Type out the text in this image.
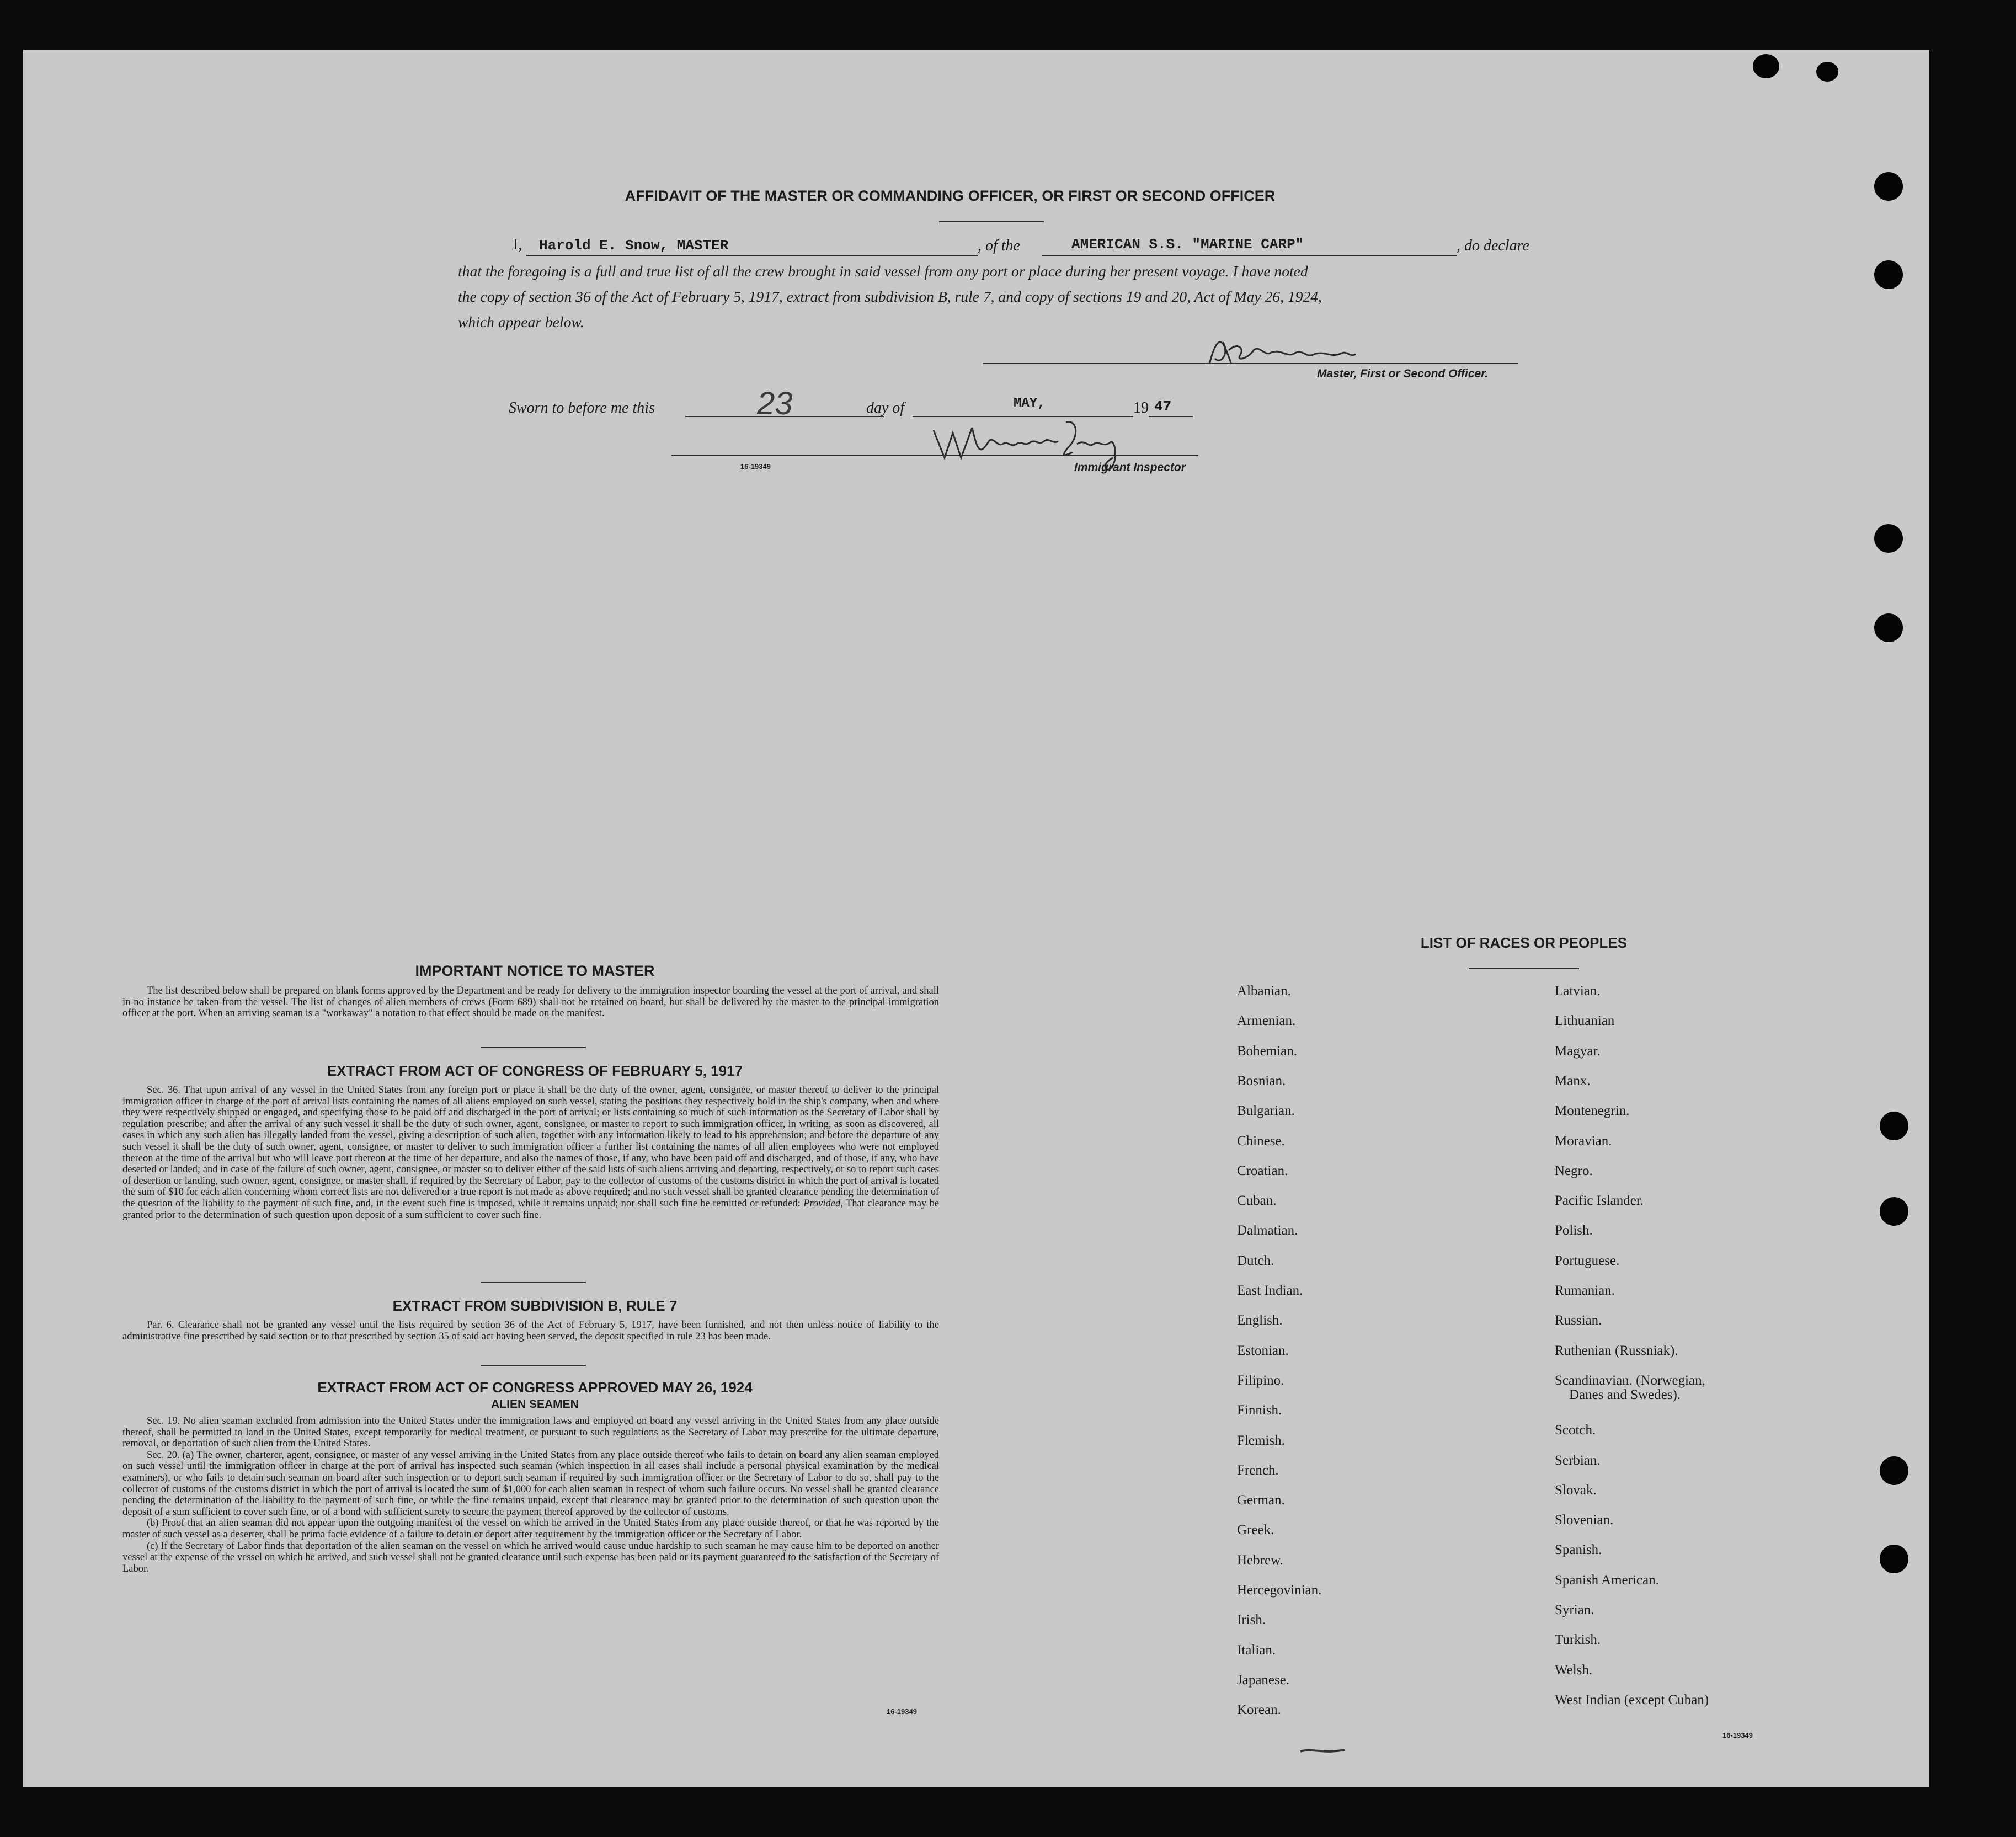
AFFIDAVIT OF THE MASTER OR COMMANDING OFFICER, OR FIRST OR SECOND OFFICER
I, Harold E. Snow, MASTER	, of the	AMERICAN S.S. "MARINE CARP"	, do declare
that the foregoing is a full and true list of all the crew brought in said vessel from any port or place during her present voyage. I have noted
the copy of section 36 of the Act of February 5, 1917, extract from subdivision B, rule 7, and copy of sections 19 and 20, Act of May 26, 1924,
which appear below.
Master, First or Second Officer.
Sworn to before me this	23	day of	MAY,	19 47
16-19349	Immigrant Inspector
IMPORTANT NOTICE TO MASTER

The list described below shall be prepared on blank forms approved by the Department and be ready for delivery to the immigration inspector boarding the vessel at the port of arrival, and shall in no instance be taken from the vessel. The list of changes of alien members of crews (Form 689) shall not be retained on board, but shall be delivered by the master to the principal immigration officer at the port. When an arriving seaman is a "workaway" a notation to that effect should be made on the manifest.

EXTRACT FROM ACT OF CONGRESS OF FEBRUARY 5, 1917

Sec. 36. That upon arrival of any vessel in the United States from any foreign port or place it shall be the duty of the owner, agent, consignee, or master thereof to deliver to the principal immigration officer in charge of the port of arrival lists containing the names of all aliens employed on such vessel, stating the positions they respectively hold in the ship's company, when and where they were respectively shipped or engaged, and specifying those to be paid off and discharged in the port of arrival; or lists containing so much of such information as the Secretary of Labor shall by regulation prescribe; and after the arrival of any such vessel it shall be the duty of such owner, agent, consignee, or master to report to such immigration officer, in writing, as soon as discovered, all cases in which any such alien has illegally landed from the vessel, giving a description of such alien, together with any information likely to lead to his apprehension; and before the departure of any such vessel it shall be the duty of such owner, agent, consignee, or master to deliver to such immigration officer a further list containing the names of all alien employees who were not employed thereon at the time of the arrival but who will leave port thereon at the time of her departure, and also the names of those, if any, who have been paid off and discharged, and of those, if any, who have deserted or landed; and in case of the failure of such owner, agent, consignee, or master so to deliver either of the said lists of such aliens arriving and departing, respectively, or so to report such cases of desertion or landing, such owner, agent, consignee, or master shall, if required by the Secretary of Labor, pay to the collector of customs of the customs district in which the port of arrival is located the sum of $10 for each alien concerning whom correct lists are not delivered or a true report is not made as above required; and no such vessel shall be granted clearance pending the determination of the question of the liability to the payment of such fine, and, in the event such fine is imposed, while it remains unpaid; nor shall such fine be remitted or refunded: Provided, That clearance may be granted prior to the determination of such question upon deposit of a sum sufficient to cover such fine.

EXTRACT FROM SUBDIVISION B, RULE 7

Par. 6. Clearance shall not be granted any vessel until the lists required by section 36 of the Act of February 5, 1917, have been furnished, and not then unless notice of liability to the administrative fine prescribed by said section or to that prescribed by section 35 of said act having been served, the deposit specified in rule 23 has been made.

EXTRACT FROM ACT OF CONGRESS APPROVED MAY 26, 1924
ALIEN SEAMEN

Sec. 19. No alien seaman excluded from admission into the United States under the immigration laws and employed on board any vessel arriving in the United States from any place outside thereof, shall be permitted to land in the United States, except temporarily for medical treatment, or pursuant to such regulations as the Secretary of Labor may prescribe for the ultimate departure, removal, or deportation of such alien from the United States.

Sec. 20. (a) The owner, charterer, agent, consignee, or master of any vessel arriving in the United States from any place outside thereof who fails to detain on board any alien seaman employed on such vessel until the immigration officer in charge at the port of arrival has inspected such seaman (which inspection in all cases shall include a personal physical examination by the medical examiners), or who fails to detain such seaman on board after such inspection or to deport such seaman if required by such immigration officer or the Secretary of Labor to do so, shall pay to the collector of customs of the customs district in which the port of arrival is located the sum of $1,000 for each alien seaman in respect of whom such failure occurs. No vessel shall be granted clearance pending the determination of the liability to the payment of such fine, or while the fine remains unpaid, except that clearance may be granted prior to the determination of such question upon the deposit of a sum sufficient to cover such fine, or of a bond with sufficient surety to secure the payment thereof approved by the collector of customs.

(b) Proof that an alien seaman did not appear upon the outgoing manifest of the vessel on which he arrived in the United States from any place outside thereof, or that he was reported by the master of such vessel as a deserter, shall be prima facie evidence of a failure to detain or deport after requirement by the immigration officer or the Secretary of Labor.

(c) If the Secretary of Labor finds that deportation of the alien seaman on the vessel on which he arrived would cause undue hardship to such seaman he may cause him to be deported on another vessel at the expense of the vessel on which he arrived, and such vessel shall not be granted clearance until such expense has been paid or its payment guaranteed to the satisfaction of the Secretary of Labor.

16-19349
LIST OF RACES OR PEOPLES
Albanian.
Armenian.
Bohemian.
Bosnian.
Bulgarian.
Chinese.
Croatian.
Cuban.
Dalmatian.
Dutch.
East Indian.
English.
Estonian.
Filipino.
Finnish.
Flemish.
French.
German.
Greek.
Hebrew.
Hercegovinian.
Irish.
Italian.
Japanese.
Korean.
Latvian.
Lithuanian
Magyar.
Manx.
Montenegrin.
Moravian.
Negro.
Pacific Islander.
Polish.
Portuguese.
Rumanian.
Russian.
Ruthenian (Russniak).
Scandinavian. (Norwegian,
Danes and Swedes).
Scotch.
Serbian.
Slovak.
Slovenian.
Spanish.
Spanish American.
Syrian.
Turkish.
Welsh.
West Indian (except Cuban)
16-19349
